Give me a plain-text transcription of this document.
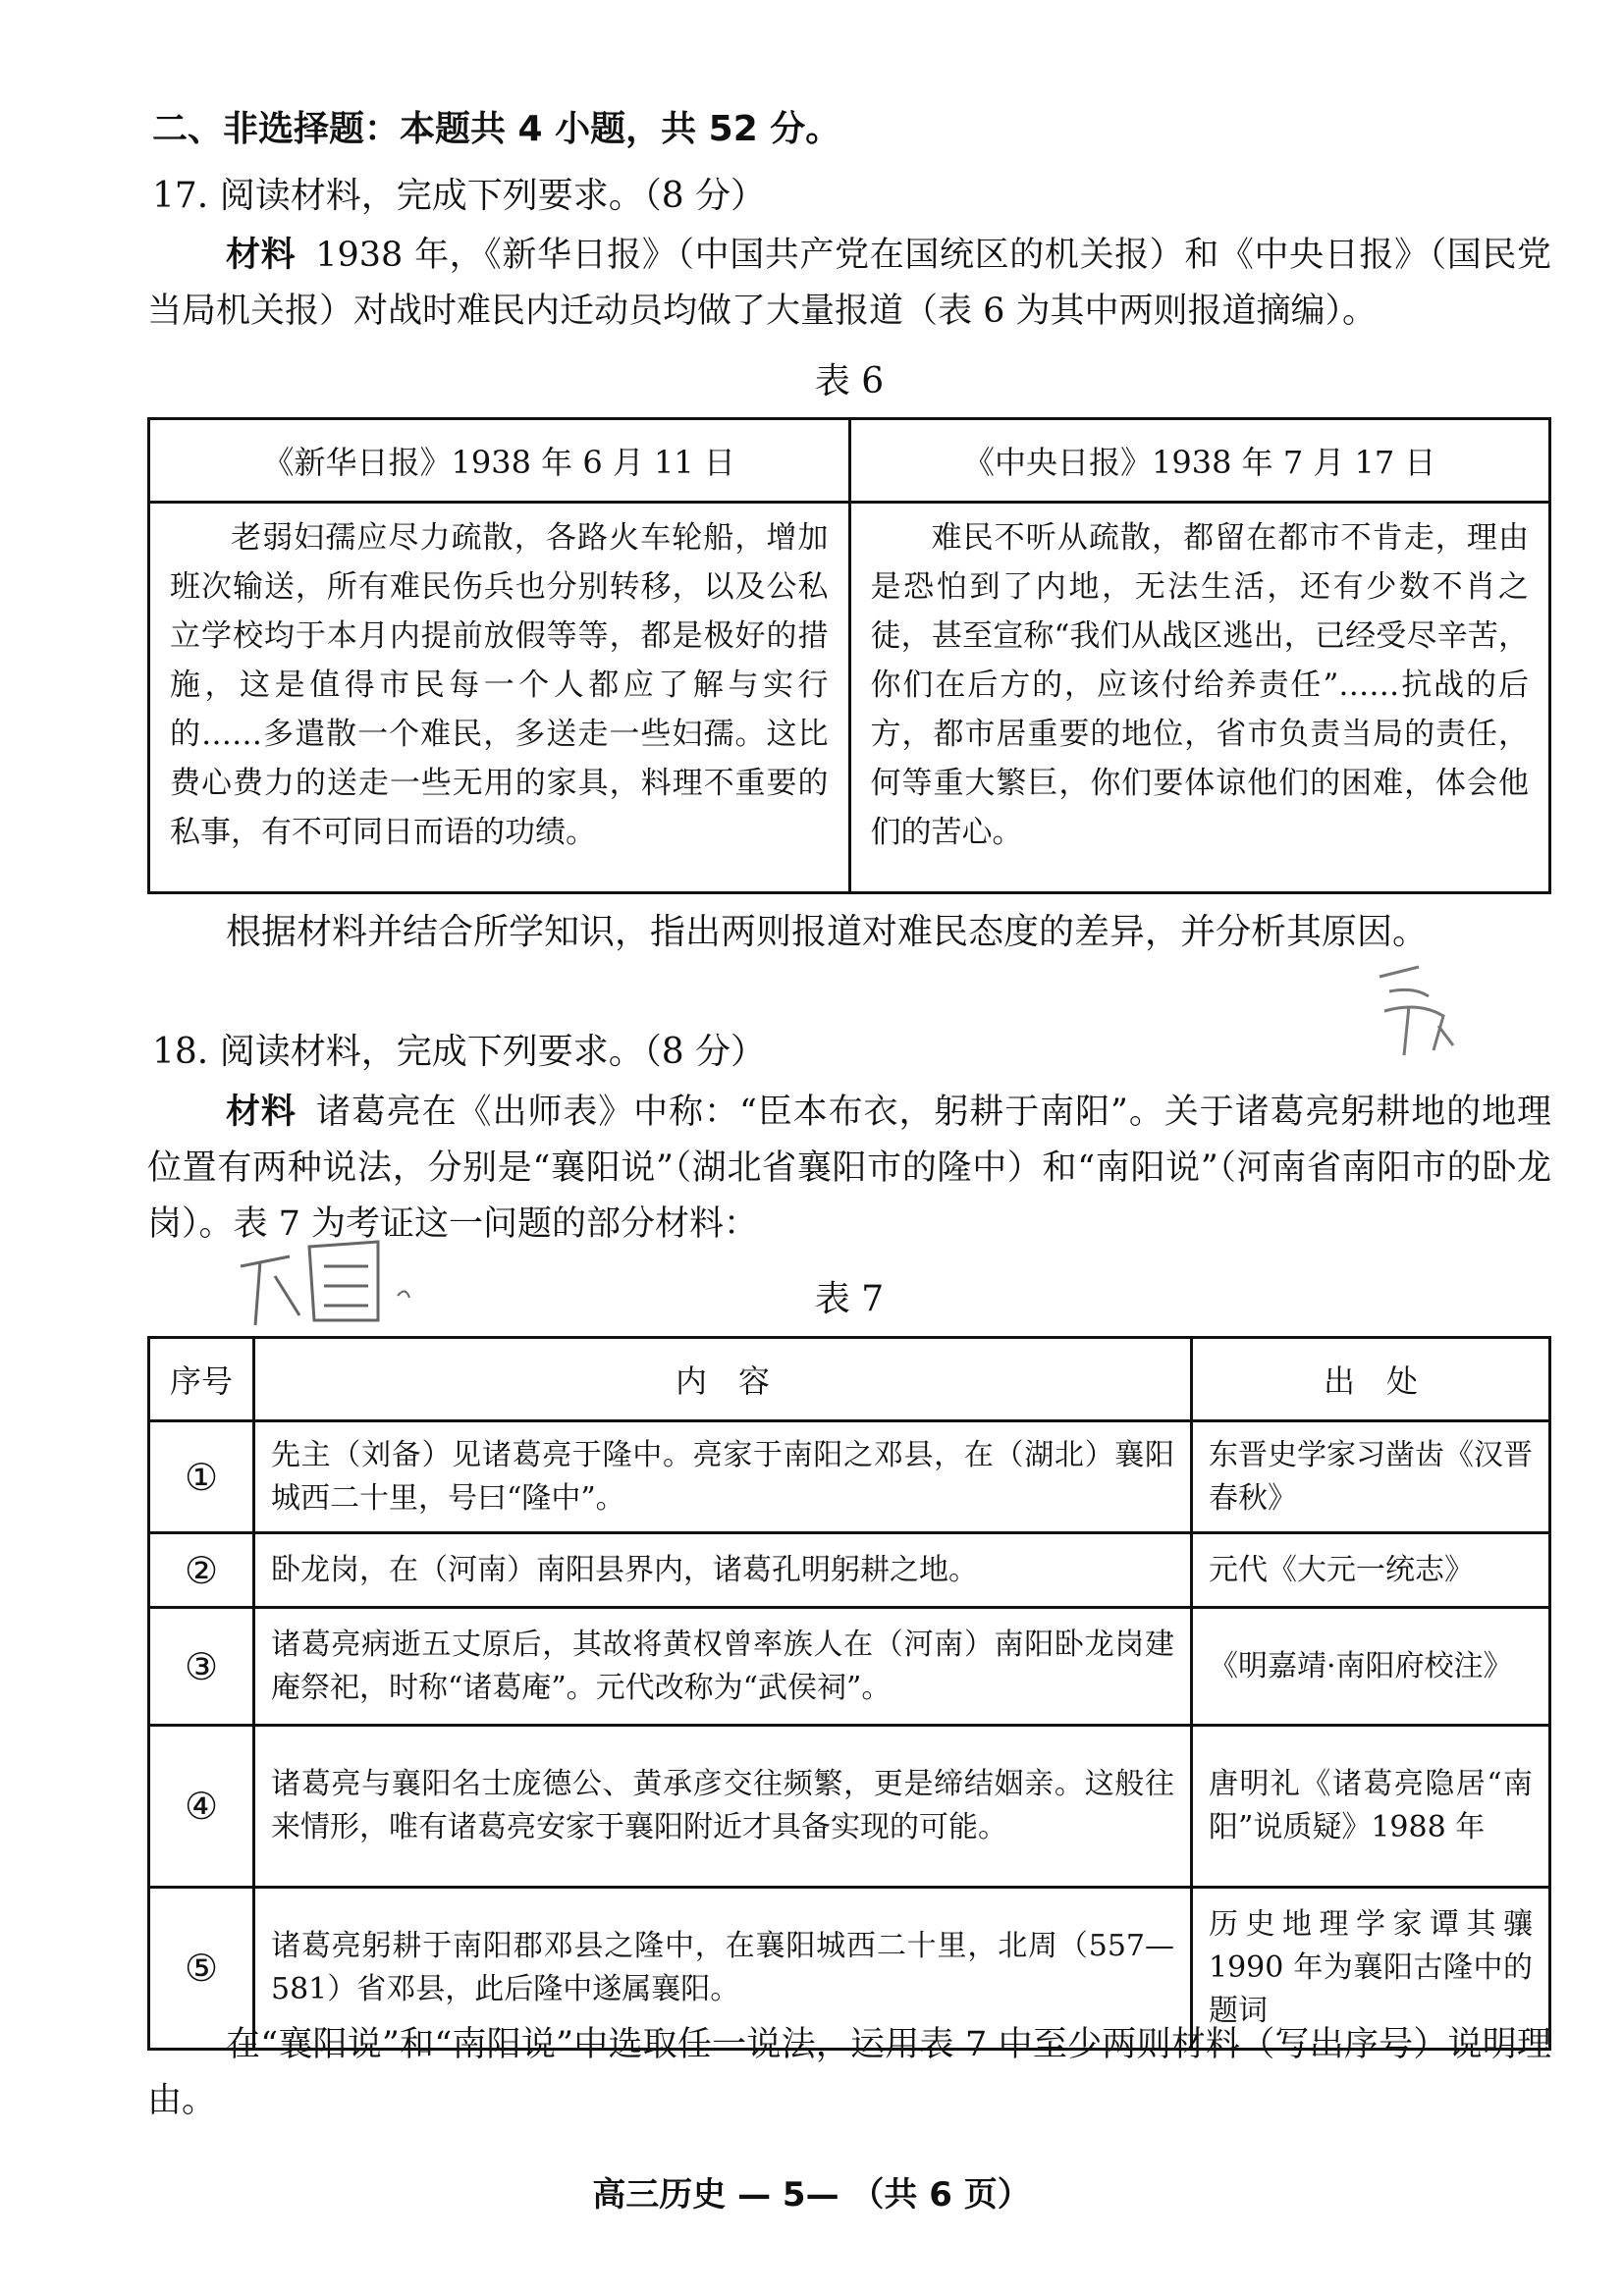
二、非选择题：本题共 4 小题，共 52 分。
17. 阅读材料，完成下列要求。（8 分）
材料 1938 年，《新华日报》（中国共产党在国统区的机关报）和《中央日报》（国民党当局机关报）对战时难民内迁动员均做了大量报道（表 6 为其中两则报道摘编）。
表 6
《新华日报》1938 年 6 月 11 日	《中央日报》1938 年 7 月 17 日
老弱妇孺应尽力疏散，各路火车轮船，增加班次输送，所有难民伤兵也分别转移，以及公私立学校均于本月内提前放假等等，都是极好的措施，这是值得市民每一个人都应了解与实行的……多遣散一个难民，多送走一些妇孺。这比费心费力的送走一些无用的家具，料理不重要的私事，有不可同日而语的功绩。	难民不听从疏散，都留在都市不肯走，理由是恐怕到了内地，无法生活，还有少数不肖之徒，甚至宣称“我们从战区逃出，已经受尽辛苦，你们在后方的，应该付给养责任”……抗战的后方，都市居重要的地位，省市负责当局的责任，何等重大繁巨，你们要体谅他们的困难，体会他们的苦心。
根据材料并结合所学知识，指出两则报道对难民态度的差异，并分析其原因。
18. 阅读材料，完成下列要求。（8 分）
材料 诸葛亮在《出师表》中称：“臣本布衣，躬耕于南阳”。关于诸葛亮躬耕地的地理位置有两种说法，分别是“襄阳说”（湖北省襄阳市的隆中）和“南阳说”（河南省南阳市的卧龙岗）。表 7 为考证这一问题的部分材料：
表 7
序号	内　容	出　处
①	先主（刘备）见诸葛亮于隆中。亮家于南阳之邓县，在（湖北）襄阳城西二十里，号曰“隆中”。	东晋史学家习凿齿《汉晋春秋》
②	卧龙岗，在（河南）南阳县界内，诸葛孔明躬耕之地。	元代《大元一统志》
③	诸葛亮病逝五丈原后，其故将黄权曾率族人在（河南）南阳卧龙岗建庵祭祀，时称“诸葛庵”。元代改称为“武侯祠”。	《明嘉靖·南阳府校注》
④	诸葛亮与襄阳名士庞德公、黄承彦交往频繁，更是缔结姻亲。这般往来情形，唯有诸葛亮安家于襄阳附近才具备实现的可能。	唐明礼《诸葛亮隐居“南阳”说质疑》1988 年
⑤	诸葛亮躬耕于南阳郡邓县之隆中，在襄阳城西二十里，北周（557—581）省邓县，此后隆中遂属襄阳。	历史地理学家谭其骧 1990 年为襄阳古隆中的题词
在“襄阳说”和“南阳说”中选取任一说法，运用表 7 中至少两则材料（写出序号）说明理由。
高三历史 — 5— （共 6 页）
